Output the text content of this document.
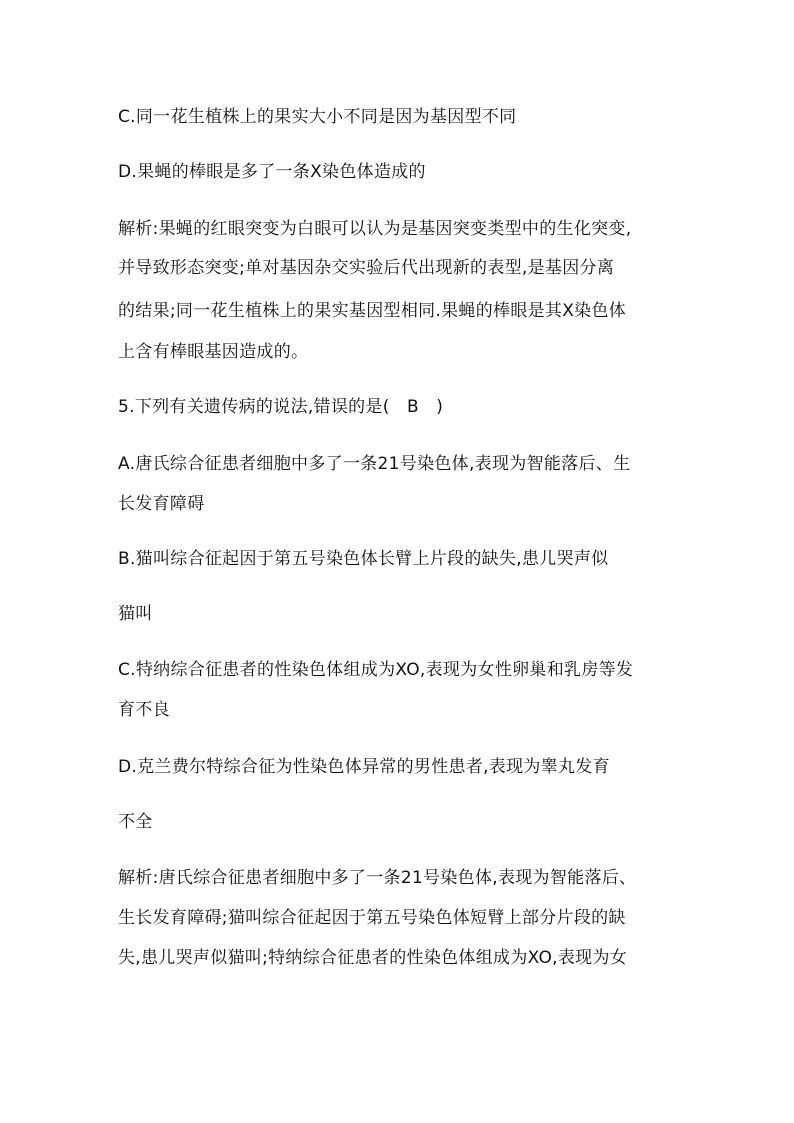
C.同一花生植株上的果实大小不同是因为基因型不同
D.果蝇的棒眼是多了一条X染色体造成的
解析:果蝇的红眼突变为白眼可以认为是基因突变类型中的生化突变,
并导致形态突变;单对基因杂交实验后代出现新的表型,是基因分离
的结果;同一花生植株上的果实基因型相同.果蝇的棒眼是其X染色体
上含有棒眼基因造成的。
5.下列有关遗传病的说法,错误的是(　B　)
A.唐氏综合征患者细胞中多了一条21号染色体,表现为智能落后、生
长发育障碍
B.猫叫综合征起因于第五号染色体长臂上片段的缺失,患儿哭声似
猫叫
C.特纳综合征患者的性染色体组成为XO,表现为女性卵巢和乳房等发
育不良
D.克兰费尔特综合征为性染色体异常的男性患者,表现为睾丸发育
不全
解析:唐氏综合征患者细胞中多了一条21号染色体,表现为智能落后、
生长发育障碍;猫叫综合征起因于第五号染色体短臂上部分片段的缺
失,患儿哭声似猫叫;特纳综合征患者的性染色体组成为XO,表现为女
